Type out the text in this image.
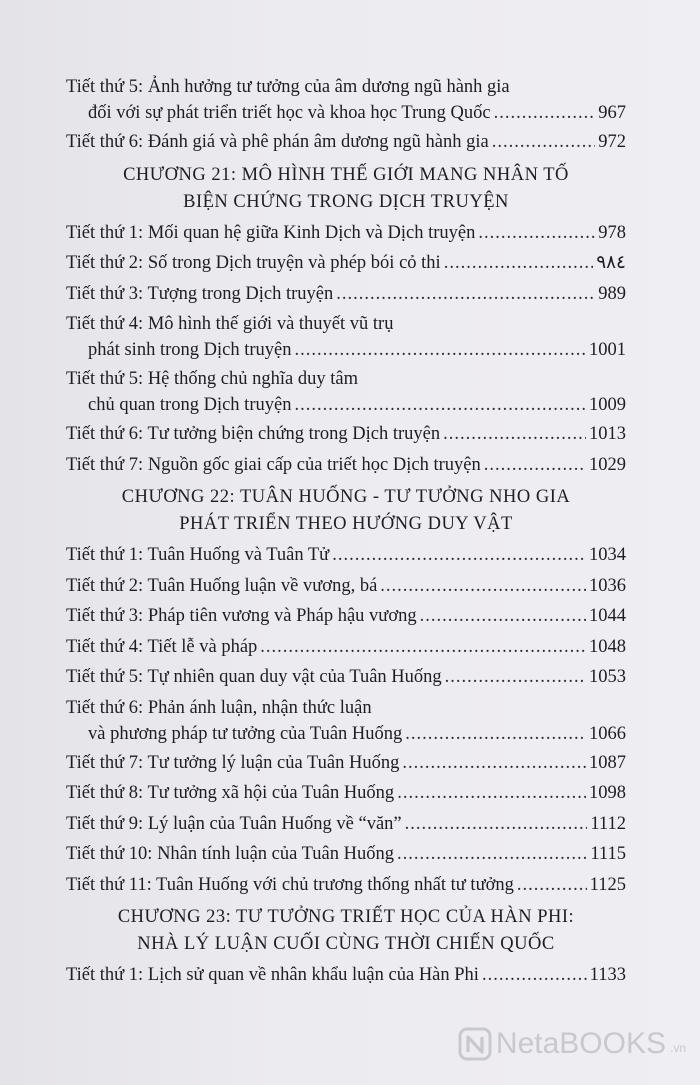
Tiết thứ 5: Ảnh hưởng tư tưởng của âm dương ngũ hành gia
đối với sự phát triển triết học và khoa học Trung Quốc .....	967
Tiết thứ 6: Đánh giá và phê phán âm dương ngũ hành gia .....	972
CHƯƠNG 21: MÔ HÌNH THẾ GIỚI MANG NHÂN TỐ
BIỆN CHỨNG TRONG DỊCH TRUYỆN
Tiết thứ 1: Mối quan hệ giữa Kinh Dịch và Dịch truyện .....	978
Tiết thứ 2: Số trong Dịch truyện và phép bói cỏ thi .....	٩٨٤
Tiết thứ 3: Tượng trong Dịch truyện .....	989
Tiết thứ 4: Mô hình thế giới và thuyết vũ trụ
phát sinh trong Dịch truyện .....	1001
Tiết thứ 5: Hệ thống chủ nghĩa duy tâm
chủ quan trong Dịch truyện .....	1009
Tiết thứ 6: Tư tưởng biện chứng trong Dịch truyện .....	1013
Tiết thứ 7: Nguồn gốc giai cấp của triết học Dịch truyện .....	1029
CHƯƠNG 22: TUÂN HUỐNG - TƯ TƯỞNG NHO GIA
PHÁT TRIỂN THEO HƯỚNG DUY VẬT
Tiết thứ 1: Tuân Huống và Tuân Tử .....	1034
Tiết thứ 2: Tuân Huống luận về vương, bá .....	1036
Tiết thứ 3: Pháp tiên vương và Pháp hậu vương .....	1044
Tiết thứ 4: Tiết lễ và pháp .....	1048
Tiết thứ 5: Tự nhiên quan duy vật của Tuân Huống .....	1053
Tiết thứ 6: Phản ánh luận, nhận thức luận
và phương pháp tư tưởng của Tuân Huống .....	1066
Tiết thứ 7: Tư tưởng lý luận của Tuân Huống .....	1087
Tiết thứ 8: Tư tưởng xã hội của Tuân Huống .....	1098
Tiết thứ 9: Lý luận của Tuân Huống về “văn” .....	1112
Tiết thứ 10: Nhân tính luận của Tuân Huống .....	1115
Tiết thứ 11: Tuân Huống với chủ trương thống nhất tư tưởng .....	1125
CHƯƠNG 23: TƯ TƯỞNG TRIẾT HỌC CỦA HÀN PHI:
NHÀ LÝ LUẬN CUỐI CÙNG THỜI CHIẾN QUỐC
Tiết thứ 1: Lịch sử quan về nhân khẩu luận của Hàn Phi .....	1133
NetaBOOKS .vn
